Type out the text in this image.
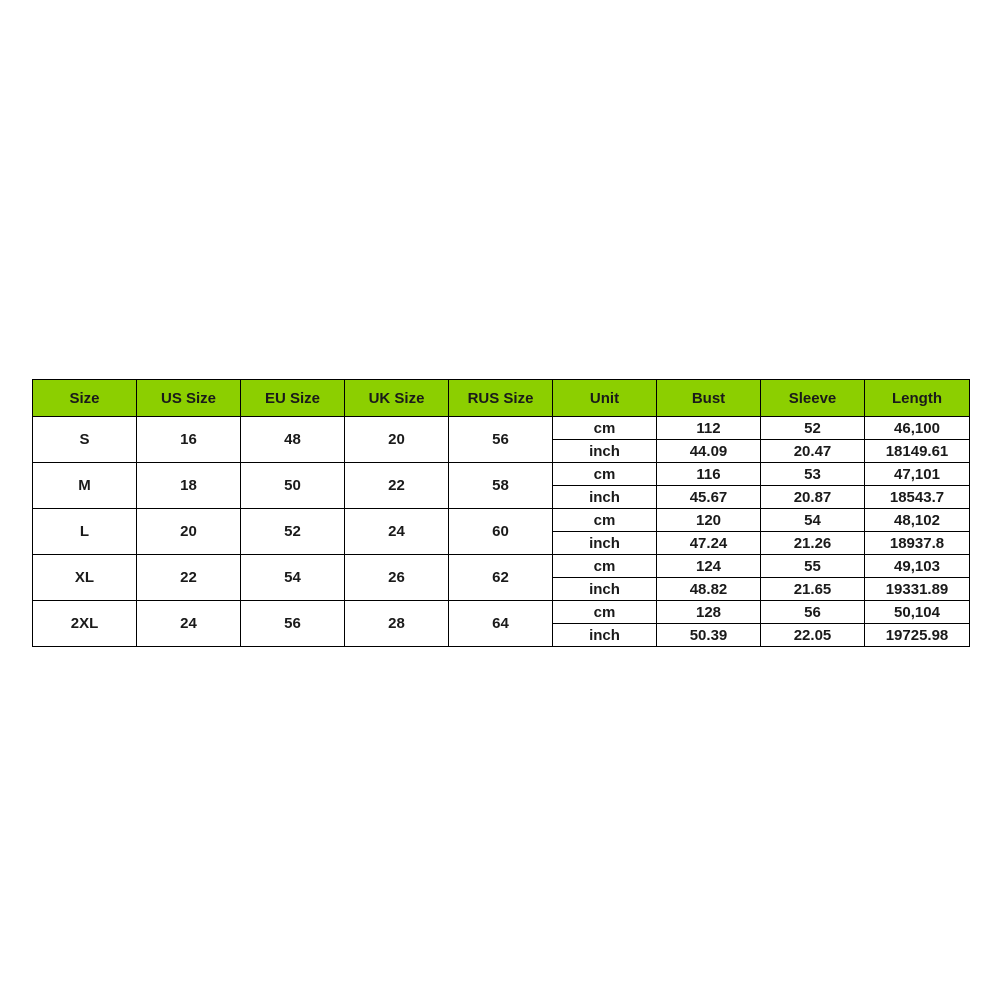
Size	US Size	EU Size	UK Size	RUS Size	Unit	Bust	Sleeve	Length
S	16	48	20	56	cm	112	52	46,100
					inch	44.09	20.47	18149.61
M	18	50	22	58	cm	116	53	47,101
					inch	45.67	20.87	18543.7
L	20	52	24	60	cm	120	54	48,102
					inch	47.24	21.26	18937.8
XL	22	54	26	62	cm	124	55	49,103
					inch	48.82	21.65	19331.89
2XL	24	56	28	64	cm	128	56	50,104
					inch	50.39	22.05	19725.98
